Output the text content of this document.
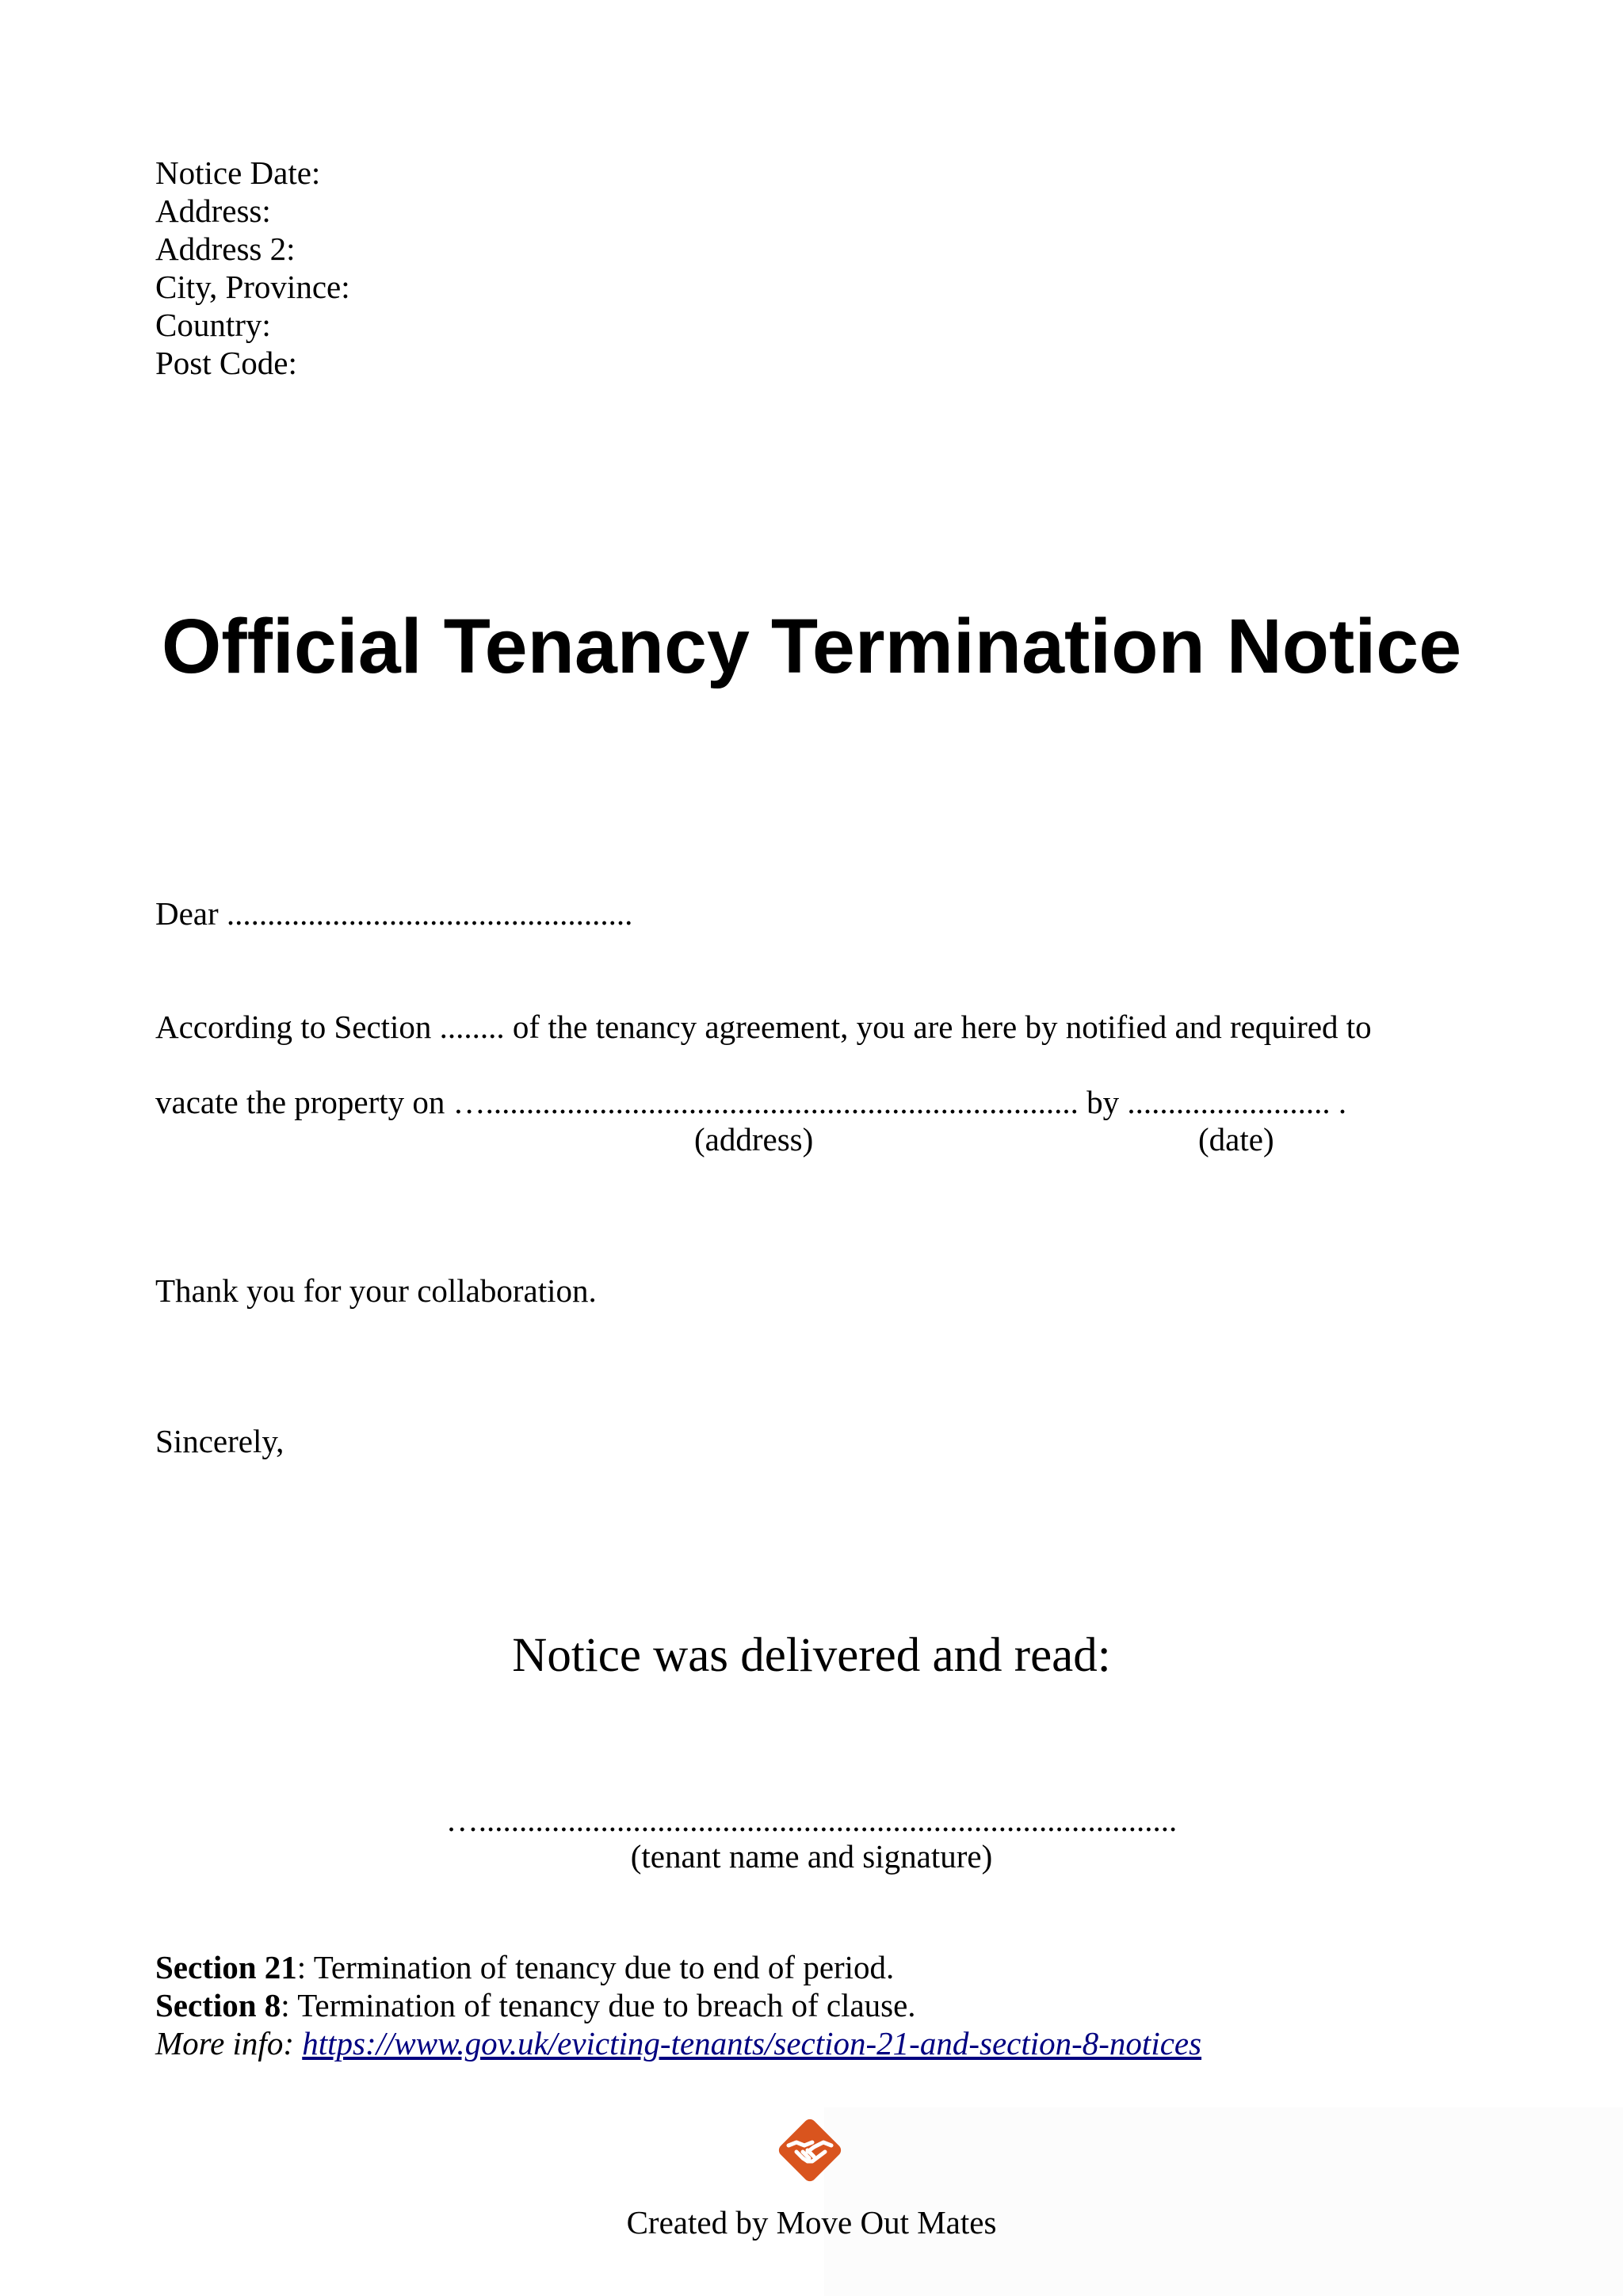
Notice Date:
Address:
Address 2:
City, Province:
Country:
Post Code:
Official Tenancy Termination Notice
Dear ..................................................
According to Section ........ of the tenancy agreement, you are here by notified and required to
vacate the property on …......................................................................... by ......................... .
(address)	(date)
Thank you for your collaboration.
Sincerely,
Notice was delivered and read:
…......................................................................................
(tenant name and signature)
Section 21: Termination of tenancy due to end of period.
Section 8: Termination of tenancy due to breach of clause.
More info: https://www.gov.uk/evicting-tenants/section-21-and-section-8-notices
Created by Move Out Mates
